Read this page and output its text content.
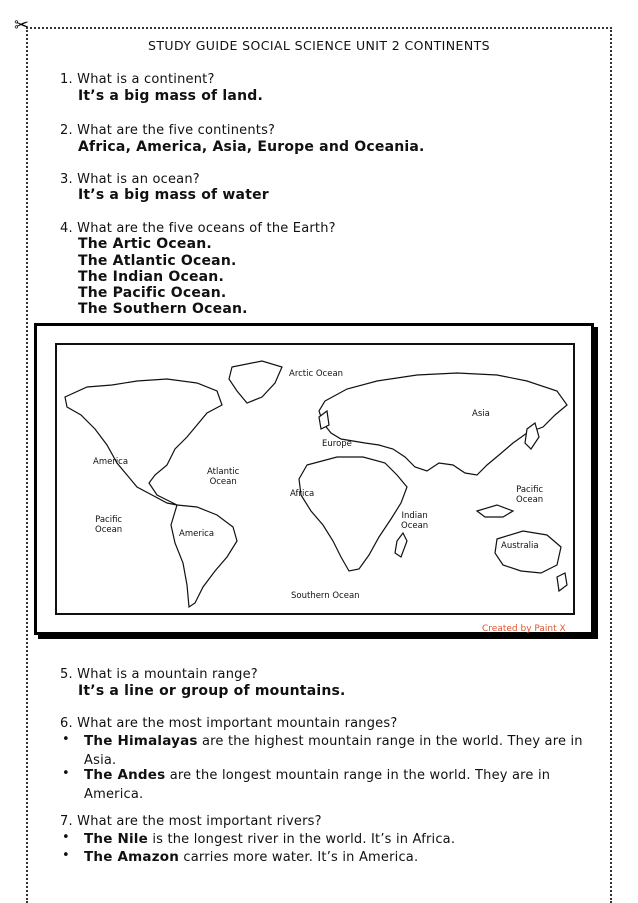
✂
STUDY GUIDE SOCIAL SCIENCE UNIT 2 CONTINENTS
1. What is a continent?
It’s a big mass of land.
2. What are the five continents?
Africa, America, Asia, Europe and Oceania.
3. What is an ocean?
It’s a big mass of water
4. What are the five oceans of the Earth?
The Artic Ocean.
The Atlantic Ocean.
The Indian Ocean.
The Pacific Ocean.
The Southern Ocean.
Arctic Ocean
Asia
Europe
America
Atlantic
Ocean
Africa	Pacific
Ocean
Indian
Ocean
Pacific
Ocean	America
Australia
Southern Ocean
Created by Paint X
5. What is a mountain range?
It’s a line or group of mountains.
6. What are the most important mountain ranges?
• The Himalayas are the highest mountain range in the world. They are in Asia.
• The Andes are the longest mountain range in the world. They are in America.
7. What are the most important rivers?
• The Nile is the longest river in the world. It’s in Africa.
• The Amazon carries more water. It’s in America.
